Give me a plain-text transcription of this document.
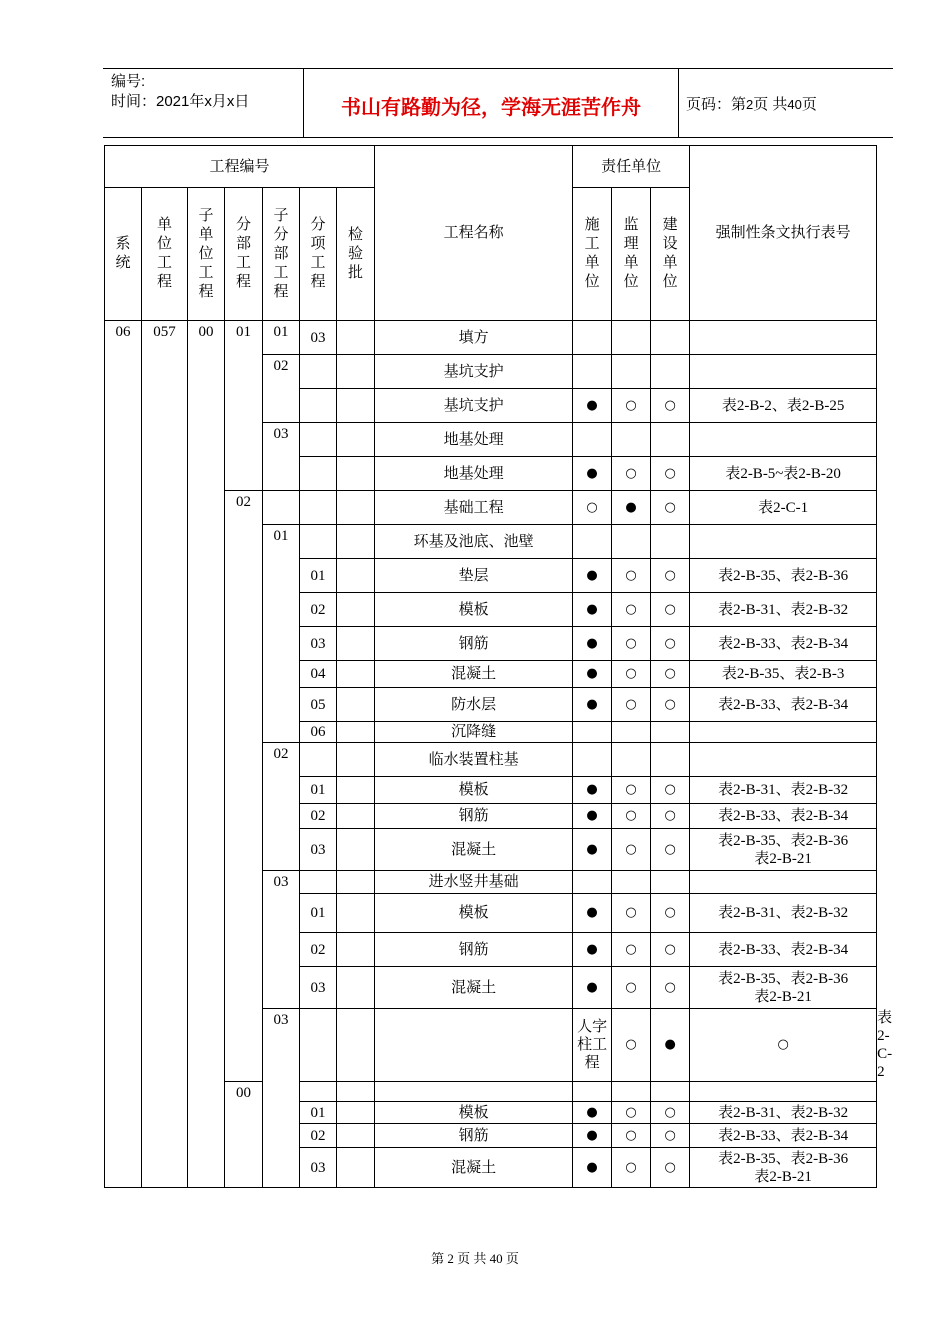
编号:
时间：2021年x月x日	书山有路勤为径，学海无涯苦作舟	页码：第2页 共40页
工程编号							工程名称	责任单位			强制性条文执行表号	

系统	单位工程	子单位工程	分部工程	子分部工程	分项工程	检验批		施工单位	监理单位	建设单位		

06	057	00	01	01	03		填方					
				02			基坑支护					
							基坑支护	●	○	○	表2-B-2、表2-B-25	
				03			地基处理					
							地基处理	●	○	○	表2-B-5~表2-B-20	
			02				基础工程	○	●	○	表2-C-1	
				01			环基及池底、池壁					
					01		垫层	●	○	○	表2-B-35、表2-B-36	
					02		模板	●	○	○	表2-B-31、表2-B-32	
					03		钢筋	●	○	○	表2-B-33、表2-B-34	
					04		混凝土	●	○	○	表2-B-35、表2-B-3	
					05		防水层	●	○	○	表2-B-33、表2-B-34	
					06		沉降缝					
				02			临水装置柱基					
					01		模板	●	○	○	表2-B-31、表2-B-32	
					02		钢筋	●	○	○	表2-B-33、表2-B-34	
					03		混凝土	●	○	○	表2-B-35、表2-B-36
表2-B-21	

				03			进水竖井基础					
					01		模板	●	○	○	表2-B-31、表2-B-32	
					02		钢筋	●	○	○	表2-B-33、表2-B-34	
					03		混凝土	●	○	○	表2-B-35、表2-B-36
表2-B-21	

				03				人字柱工程	○	●	○	表2-C-2
			00									
					01		模板	●	○	○	表2-B-31、表2-B-32	
					02		钢筋	●	○	○	表2-B-33、表2-B-34	
					03		混凝土	●	○	○	表2-B-35、表2-B-36
表2-B-21	
第 2 页 共 40 页
